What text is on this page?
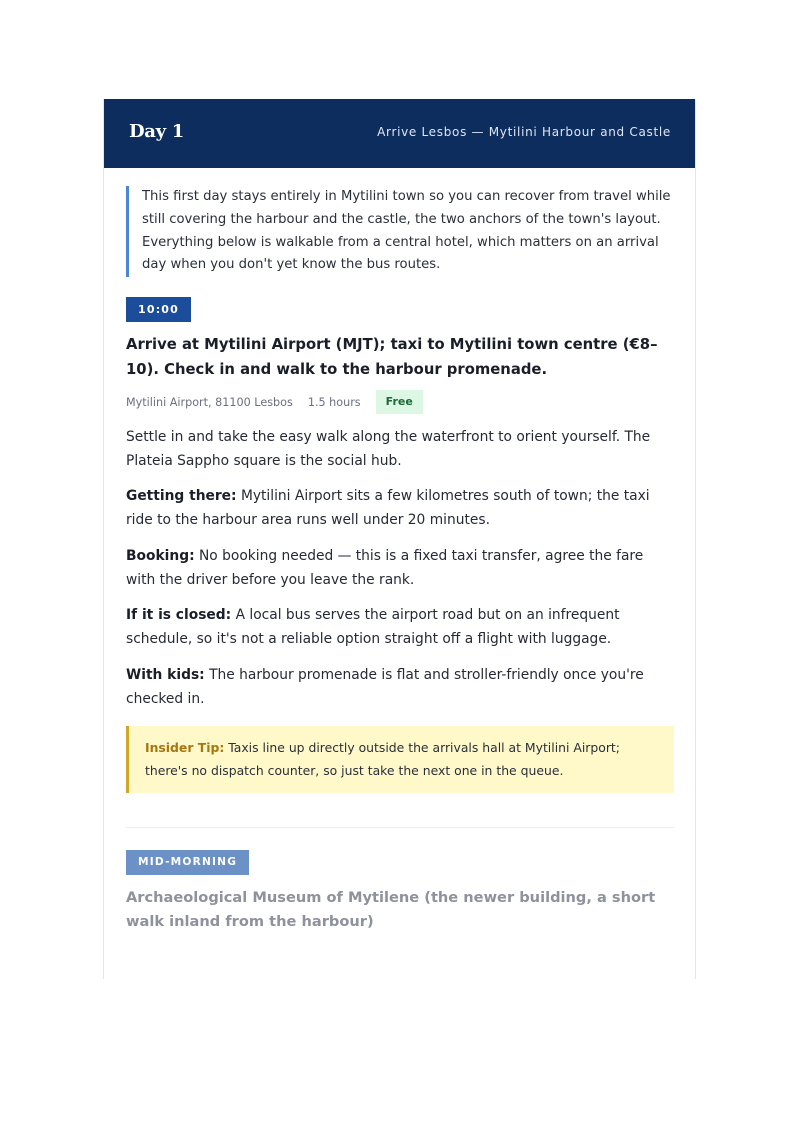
Day 1	Arrive Lesbos — Mytilini Harbour and Castle
This first day stays entirely in Mytilini town so you can recover from travel while still covering the harbour and the castle, the two anchors of the town's layout. Everything below is walkable from a central hotel, which matters on an arrival day when you don't yet know the bus routes.
10:00
Arrive at Mytilini Airport (MJT); taxi to Mytilini town centre (€8–10). Check in and walk to the harbour promenade.
Mytilini Airport, 81100 Lesbos 1.5 hours	Free
Settle in and take the easy walk along the waterfront to orient yourself. The Plateia Sappho square is the social hub.
Getting there: Mytilini Airport sits a few kilometres south of town; the taxi ride to the harbour area runs well under 20 minutes.
Booking: No booking needed — this is a fixed taxi transfer, agree the fare with the driver before you leave the rank.
If it is closed: A local bus serves the airport road but on an infrequent schedule, so it's not a reliable option straight off a flight with luggage.
With kids: The harbour promenade is flat and stroller-friendly once you're checked in.
Insider Tip: Taxis line up directly outside the arrivals hall at Mytilini Airport; there's no dispatch counter, so just take the next one in the queue.
MID-MORNING
Archaeological Museum of Mytilene (the newer building, a short walk inland from the harbour)
